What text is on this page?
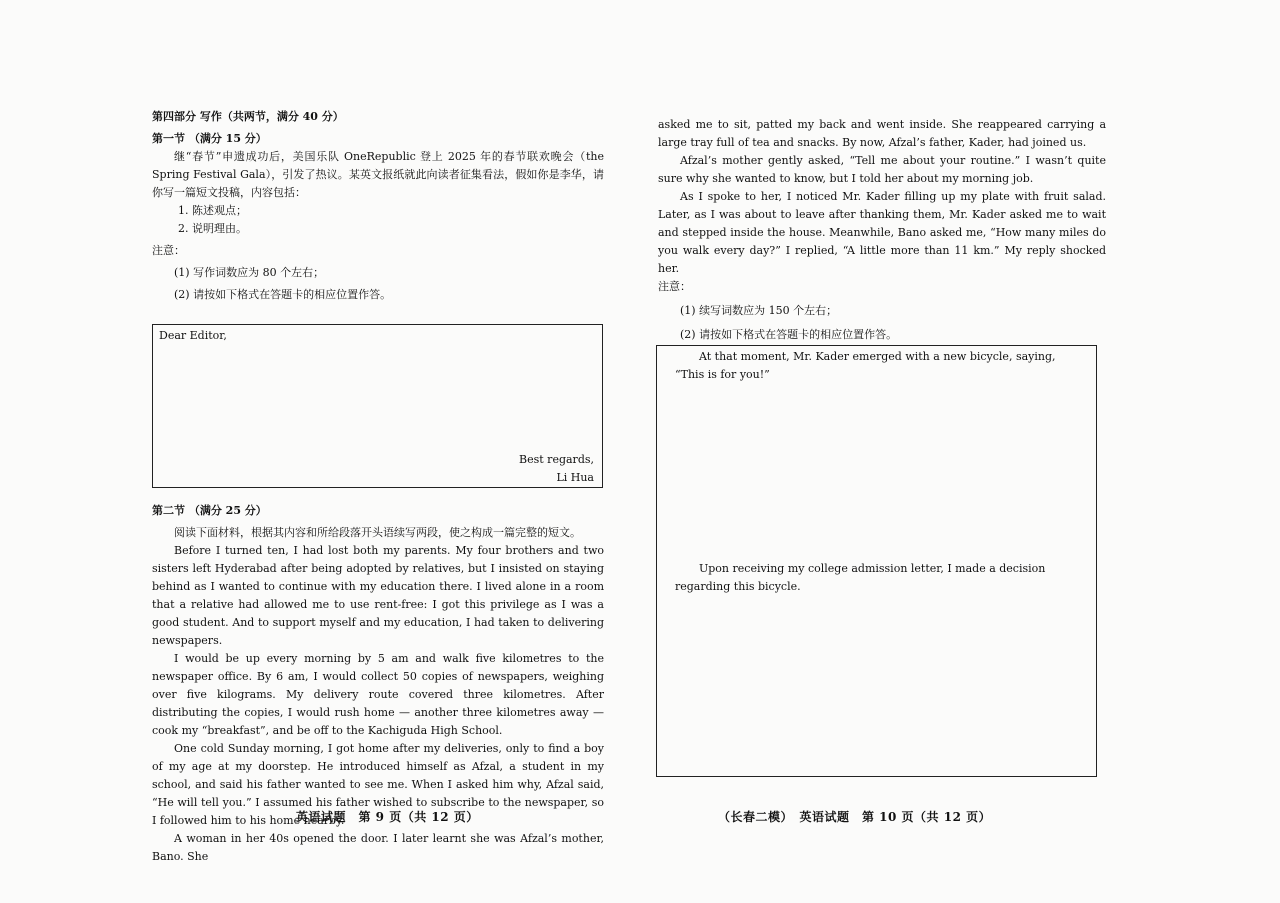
第四部分 写作（共两节，满分 40 分）

第一节 （满分 15 分）

继“春节”申遗成功后，美国乐队 OneRepublic 登上 2025 年的春节联欢晚会（the Spring Festival Gala），引发了热议。某英文报纸就此向读者征集看法，假如你是李华，请你写一篇短文投稿，内容包括：

1. 陈述观点；

2. 说明理由。

注意：

(1) 写作词数应为 80 个左右；

(2) 请按如下格式在答题卡的相应位置作答。

Dear Editor,
Best regards,
Li Hua

第二节 （满分 25 分）

阅读下面材料，根据其内容和所给段落开头语续写两段，使之构成一篇完整的短文。

Before I turned ten, I had lost both my parents. My four brothers and two sisters left Hyderabad after being adopted by relatives, but I insisted on staying behind as I wanted to continue with my education there. I lived alone in a room that a relative had allowed me to use rent-free: I got this privilege as I was a good student. And to support myself and my education, I had taken to delivering newspapers.

I would be up every morning by 5 am and walk five kilometres to the newspaper office. By 6 am, I would collect 50 copies of newspapers, weighing over five kilograms. My delivery route covered three kilometres. After distributing the copies, I would rush home — another three kilometres away — cook my “breakfast”, and be off to the Kachiguda High School.

One cold Sunday morning, I got home after my deliveries, only to find a boy of my age at my doorstep. He introduced himself as Afzal, a student in my school, and said his father wanted to see me. When I asked him why, Afzal said, “He will tell you.” I assumed his father wished to subscribe to the newspaper, so I followed him to his home nearby.

A woman in her 40s opened the door. I later learnt she was Afzal’s mother, Bano. She

英语试题　第 9 页（共 12 页）

asked me to sit, patted my back and went inside. She reappeared carrying a large tray full of tea and snacks. By now, Afzal’s father, Kader, had joined us.

Afzal’s mother gently asked, “Tell me about your routine.” I wasn’t quite sure why she wanted to know, but I told her about my morning job.

As I spoke to her, I noticed Mr. Kader filling up my plate with fruit salad. Later, as I was about to leave after thanking them, Mr. Kader asked me to wait and stepped inside the house. Meanwhile, Bano asked me, “How many miles do you walk every day?” I replied, “A little more than 11 km.” My reply shocked her.

注意：

(1) 续写词数应为 150 个左右；

(2) 请按如下格式在答题卡的相应位置作答。

At that moment, Mr. Kader emerged with a new bicycle, saying, “This is for you!”

Upon receiving my college admission letter, I made a decision regarding this bicycle.

（长春二模）　英语试题　第 10 页（共 12 页）
